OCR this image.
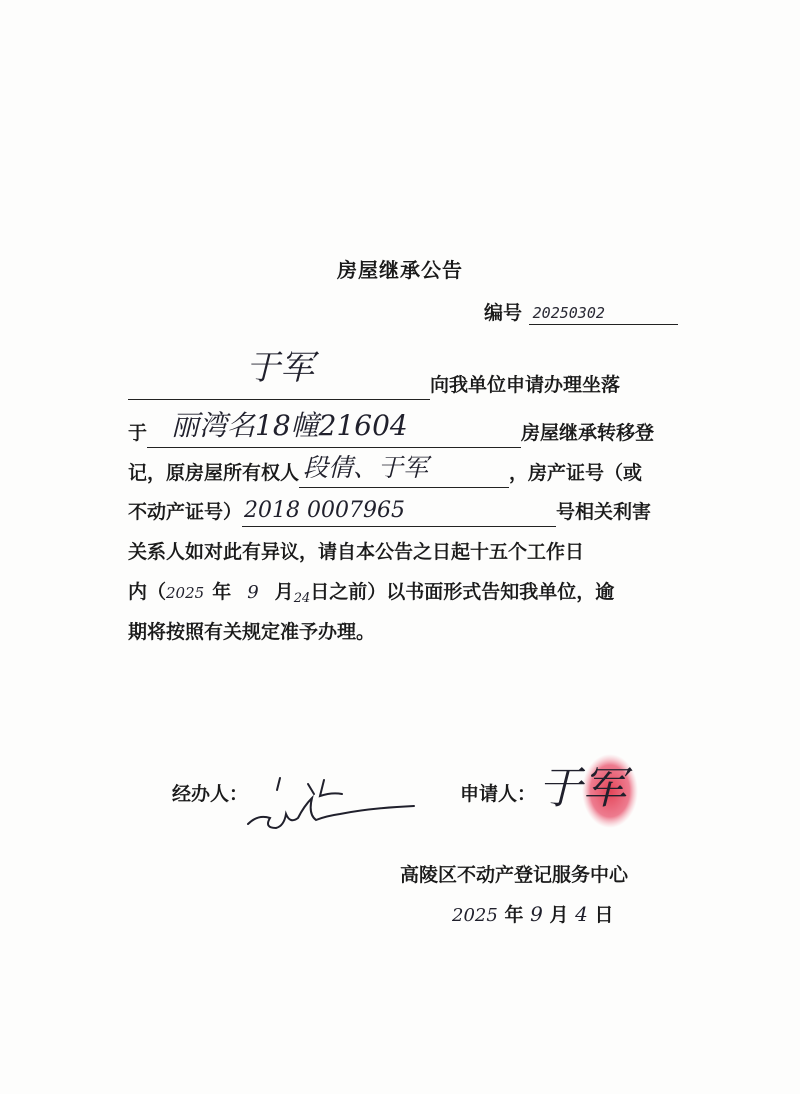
房屋继承公告
编号 20250302
于军	向我单位申请办理坐落
于 丽湾名18幢21604	房屋继承转移登
记，原房屋所有权人 段倩、于军	，房产证号（或
不动产证号） 2018 0007965	号相关利害
关系人如对此有异议，请自本公告之日起十五个工作日
内（2025 年 9 月$_{24}$日之前）以书面形式告知我单位，逾
期将按照有关规定准予办理。
经办人：	申请人： 于军
高陵区不动产登记服务中心
2025 年 9 月 4 日
